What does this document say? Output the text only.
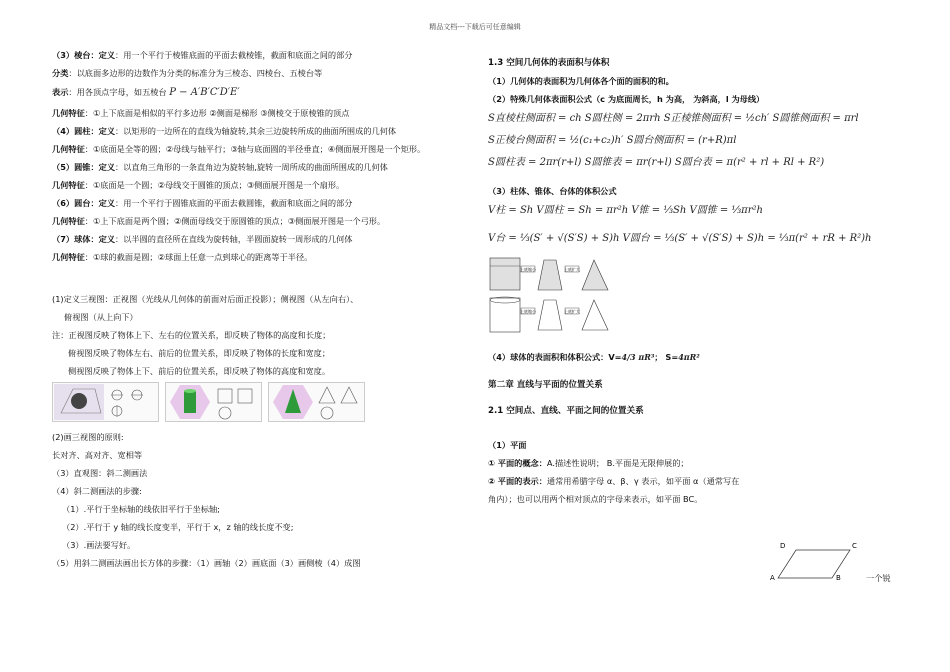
精品文档---下载后可任意编辑
（3）棱台：定义：用一个平行于棱锥底面的平面去截棱锥，截面和底面之间的部分
分类：以底面多边形的边数作为分类的标准分为三棱态、四棱台、五棱台等
表示：用各顶点字母，如五棱台 P − A′B′C′D′E′
几何特征：①上下底面是相似的平行多边形 ②侧面是梯形 ③侧棱交于原棱锥的顶点
（4）圆柱：定义：以矩形的一边所在的直线为轴旋转,其余三边旋转所成的曲面所围成的几何体
几何特征：①底面是全等的圆；②母线与轴平行；③轴与底面圆的半径垂直；④侧面展开图是一个矩形。
（5）圆锥：定义：以直角三角形的一条直角边为旋转轴,旋转一周所成的曲面所围成的几何体
几何特征：①底面是一个圆；②母线交于圆锥的顶点；③侧面展开图是一个扇形。
（6）圆台：定义：用一个平行于圆锥底面的平面去截圆锥，截面和底面之间的部分
几何特征：①上下底面是两个圆；②侧面母线交于原圆锥的顶点；③侧面展开图是一个弓形。
（7）球体：定义：以半圆的直径所在直线为旋转轴，半圆面旋转一周形成的几何体
几何特征：①球的截面是圆；②球面上任意一点到球心的距离等于半径。
(1)定义三视图：正视图（光线从几何体的前面对后面正投影）；侧视图（从左向右）、
俯视图（从上向下）
注：正视图反映了物体上下、左右的位置关系，即反映了物体的高度和长度；
俯视图反映了物体左右、前后的位置关系，即反映了物体的长度和宽度；
侧视图反映了物体上下、前后的位置关系，即反映了物体的高度和宽度。
(2)画三视图的原则:
长对齐、高对齐、宽相等
（3）直观图：斜二测画法
（4）斜二测画法的步骤:
（1）.平行于坐标轴的线依旧平行于坐标轴;
（2）.平行于 y 轴的线长度变半，平行于 x，z 轴的线长度不变;
（3）.画法要写好。
（5）用斜二测画法画出长方体的步骤：（1）画轴（2）画底面（3）画侧棱（4）成图
1.3 空间几何体的表面积与体积
（1）几何体的表面积为几何体各个面的面积的和。
（2）特殊几何体表面积公式（c 为底面周长，h 为高， 为斜高，l 为母线）
S直棱柱侧面积 = ch S圆柱侧 = 2πrh S正棱锥侧面积 = ½ch′ S圆锥侧面积 = πrl
S正棱台侧面积 = ½(c₁+c₂)h′ S圆台侧面积 = (r+R)πl
S圆柱表 = 2πr(r+l) S圆锥表 = πr(r+l) S圆台表 = π(r² + rl + Rl + R²)
（3）柱体、锥体、台体的体积公式
V柱 = Sh V圆柱 = Sh = πr²h V锥 = ⅓Sh V圆锥 = ⅓πr²h
V台 = ⅓(S′ + √(S′S) + S)h V圆台 = ⅓(S′ + √(S′S) + S)h = ⅓π(r² + rR + R²)h
上底缩小	上底扩大
上底缩小	上底扩大
（4）球体的表面积和体积公式：V=4/3 πR³； S=4πR²
第二章 直线与平面的位置关系
2.1 空间点、直线、平面之间的位置关系
（1）平面
① 平面的概念：A.描述性说明； B.平面是无限伸展的；
② 平面的表示：通常用希腊字母 α、β、γ 表示，如平面 α（通常写在
角内）；也可以用两个相对顶点的字母来表示，如平面 BC。
D	C
A	B	一个锐
